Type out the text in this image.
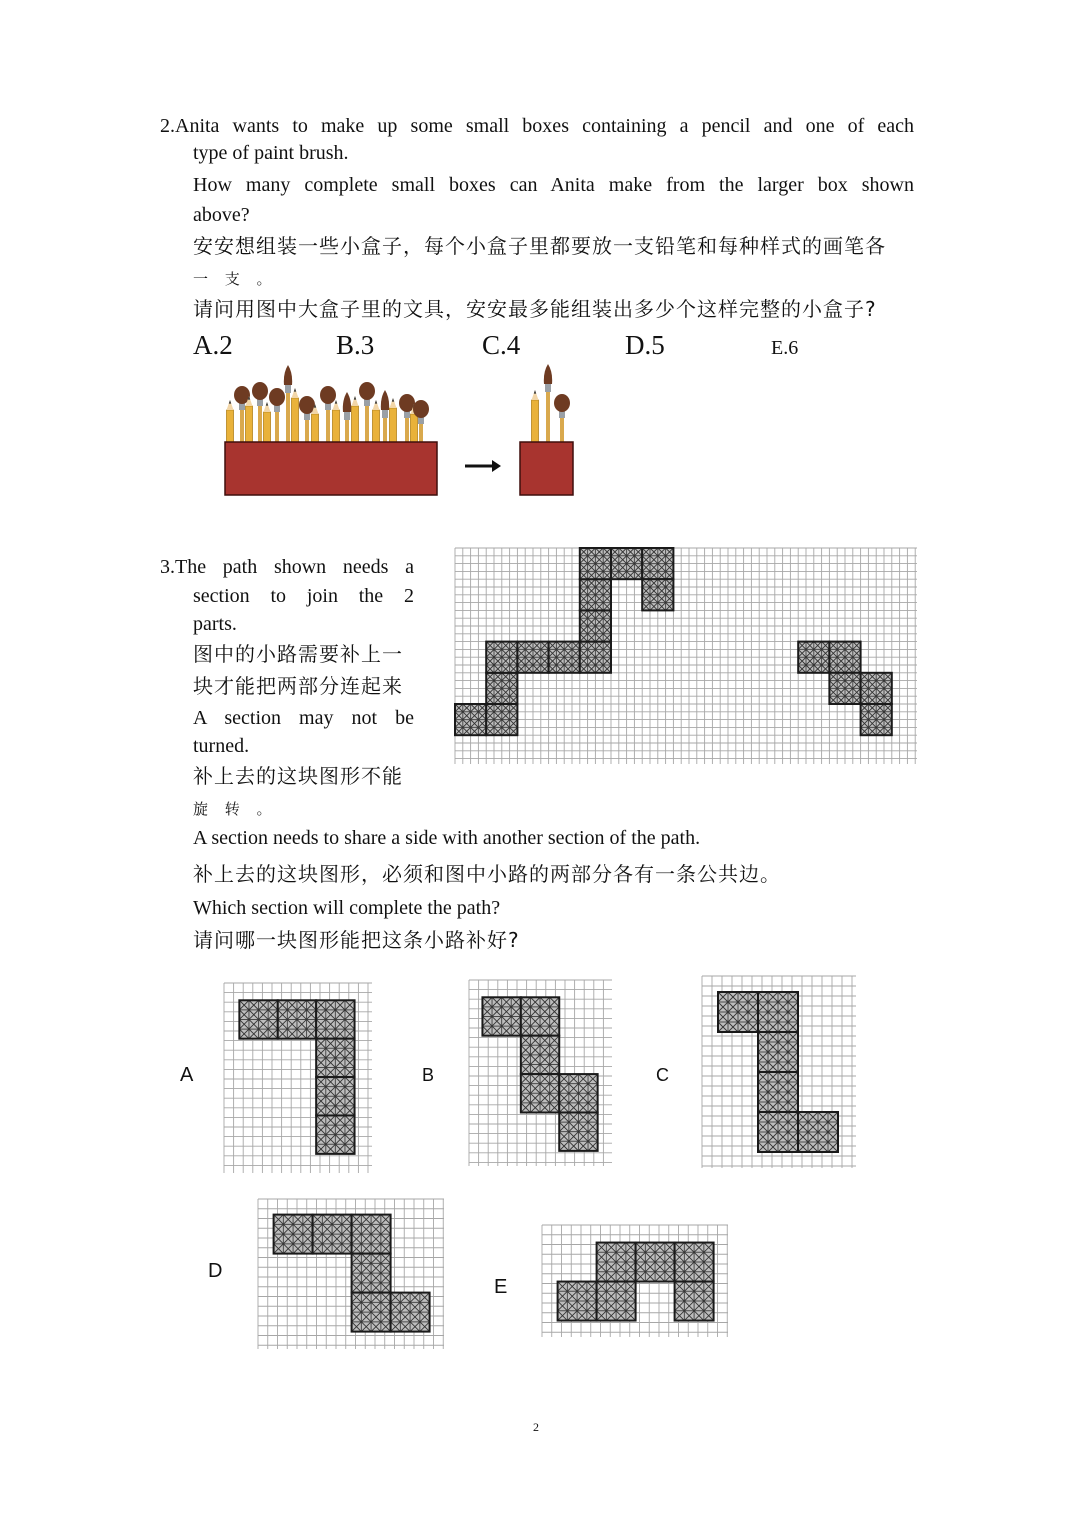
2.Anita wants to make up some small boxes containing a pencil and one of each
type of paint brush.
How many complete small boxes can Anita make from the larger box shown
above?
安安想组装一些小盒子，每个小盒子里都要放一支铅笔和每种样式的画笔各
一 支 。
请问用图中大盒子里的文具，安安最多能组装出多少个这样完整的小盒子?
A.2	B.3	C.4	D.5	E.6
3.The path shown needs a
section to join the 2
parts.
图中的小路需要补上一
块才能把两部分连起来
A section may not be
turned.
补上去的这块图形不能
旋 转 。
A section needs to share a side with another section of the path.
补上去的这块图形，必须和图中小路的两部分各有一条公共边。
Which section will complete the path?
请问哪一块图形能把这条小路补好?
A	B	C
D
E
2
